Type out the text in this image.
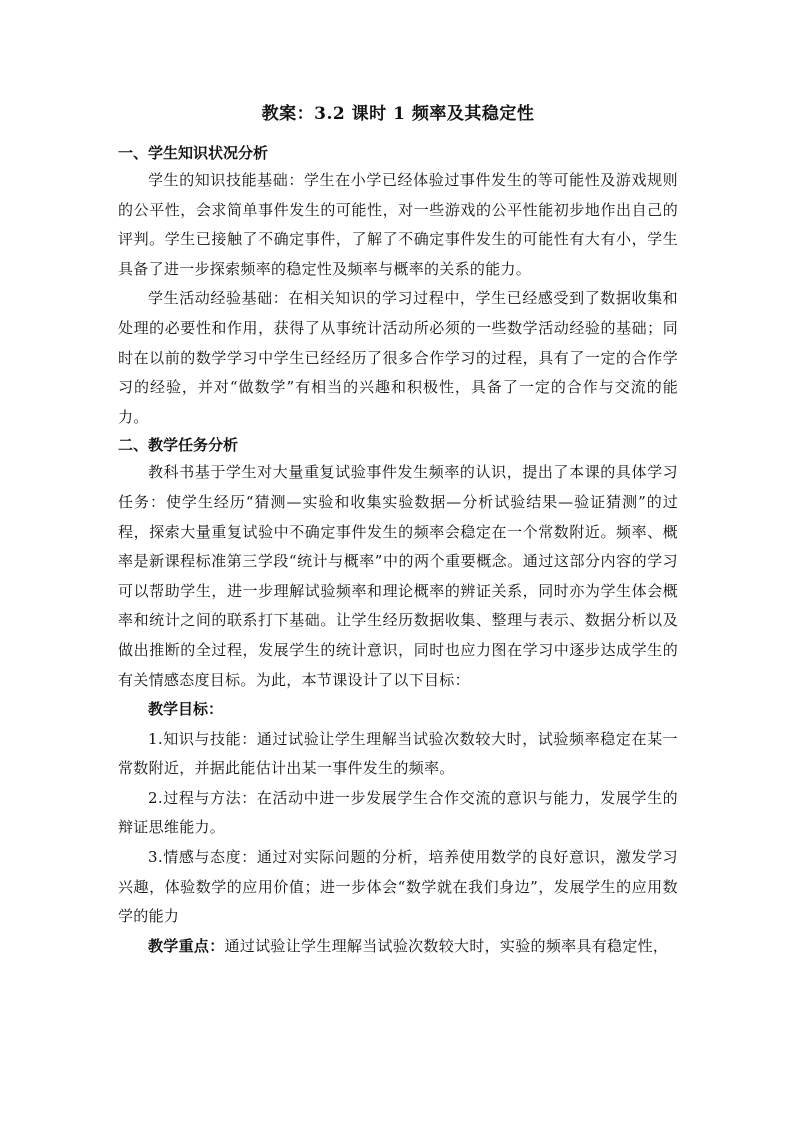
教案：3.2 课时 1 频率及其稳定性
一、学生知识状况分析

学生的知识技能基础：学生在小学已经体验过事件发生的等可能性及游戏规则的公平性，会求简单事件发生的可能性，对一些游戏的公平性能初步地作出自己的评判。学生已接触了不确定事件，了解了不确定事件发生的可能性有大有小，学生具备了进一步探索频率的稳定性及频率与概率的关系的能力。

学生活动经验基础：在相关知识的学习过程中，学生已经感受到了数据收集和处理的必要性和作用，获得了从事统计活动所必须的一些数学活动经验的基础；同时在以前的数学学习中学生已经经历了很多合作学习的过程，具有了一定的合作学习的经验，并对“做数学”有相当的兴趣和积极性，具备了一定的合作与交流的能力。

二、教学任务分析

教科书基于学生对大量重复试验事件发生频率的认识，提出了本课的具体学习任务：使学生经历“猜测—实验和收集实验数据—分析试验结果—验证猜测”的过程，探索大量重复试验中不确定事件发生的频率会稳定在一个常数附近。频率、概率是新课程标准第三学段“统计与概率”中的两个重要概念。通过这部分内容的学习可以帮助学生，进一步理解试验频率和理论概率的辨证关系，同时亦为学生体会概率和统计之间的联系打下基础。让学生经历数据收集、整理与表示、数据分析以及做出推断的全过程，发展学生的统计意识，同时也应力图在学习中逐步达成学生的有关情感态度目标。为此，本节课设计了以下目标：

教学目标：

1.知识与技能：通过试验让学生理解当试验次数较大时，试验频率稳定在某一常数附近，并据此能估计出某一事件发生的频率。

2.过程与方法：在活动中进一步发展学生合作交流的意识与能力，发展学生的辩证思维能力。

3.情感与态度：通过对实际问题的分析，培养使用数学的良好意识，激发学习兴趣，体验数学的应用价值；进一步体会“数学就在我们身边”，发展学生的应用数学的能力

教学重点：通过试验让学生理解当试验次数较大时，实验的频率具有稳定性，
